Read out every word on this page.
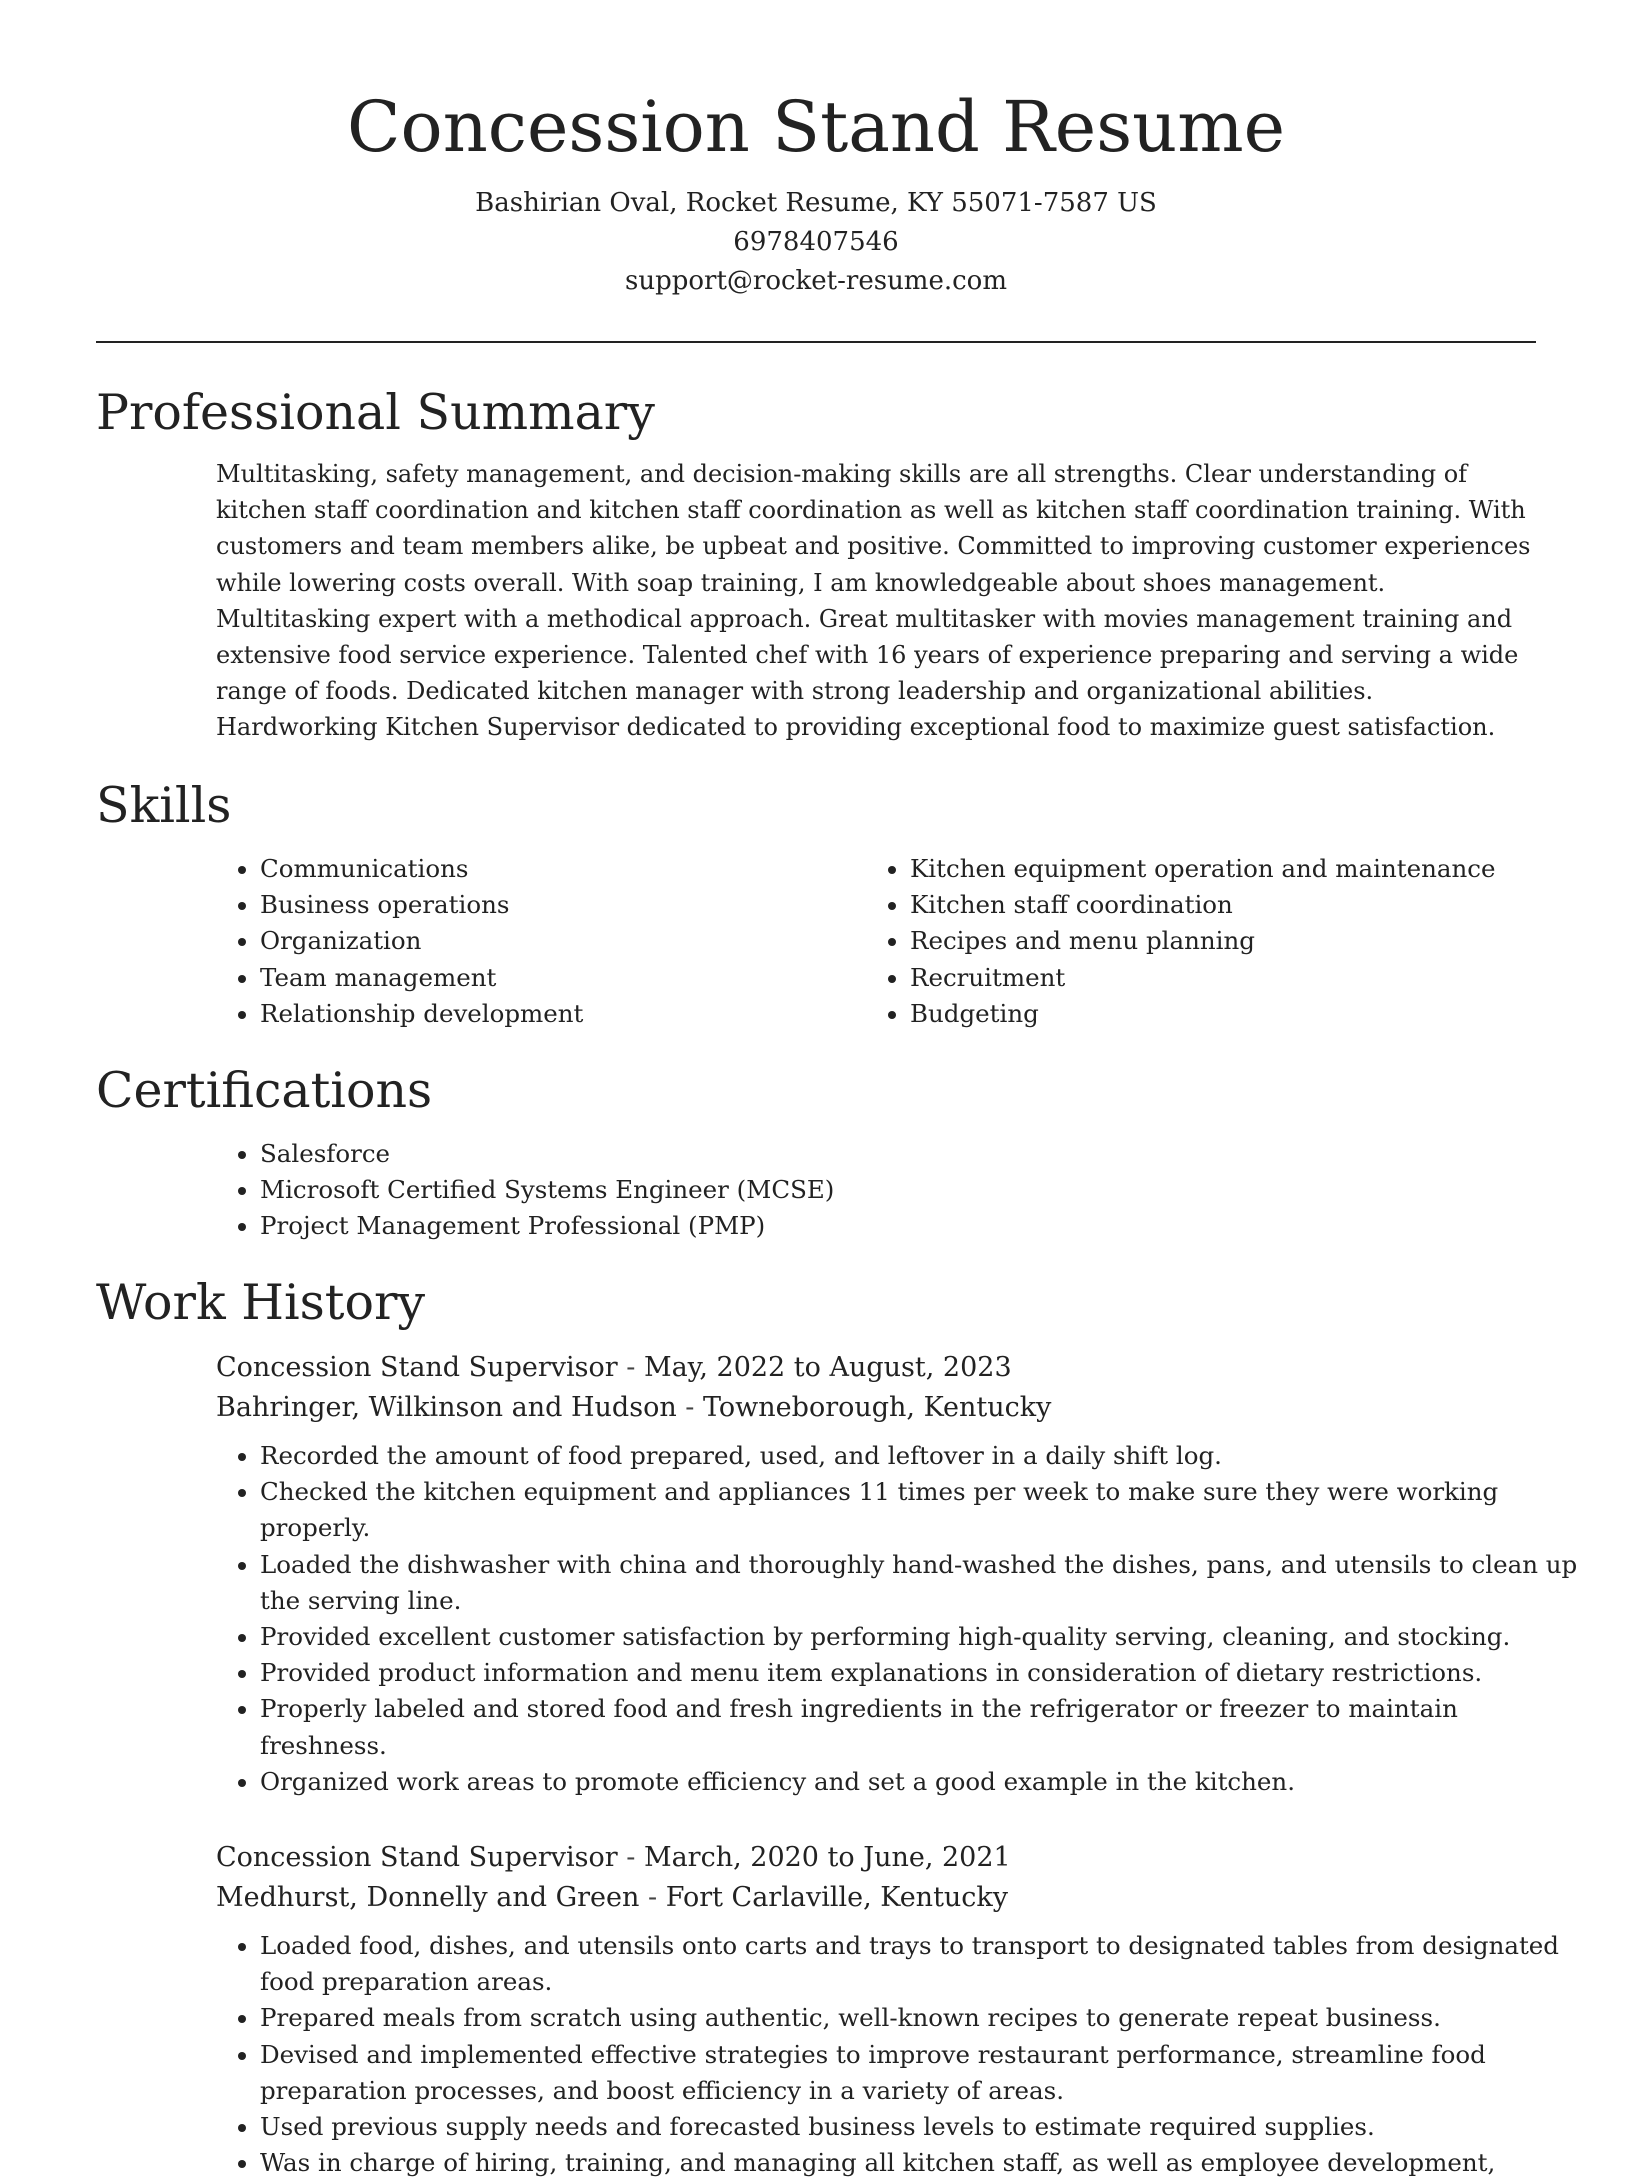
Concession Stand Resume

Bashirian Oval, Rocket Resume, KY 55071-7587 US

6978407546

support@rocket-resume.com

Professional Summary

Multitasking, safety management, and decision-making skills are all strengths. Clear understanding of kitchen staff coordination and kitchen staff coordination as well as kitchen staff coordination training. With customers and team members alike, be upbeat and positive. Committed to improving customer experiences while lowering costs overall. With soap training, I am knowledgeable about shoes management. Multitasking expert with a methodical approach. Great multitasker with movies management training and extensive food service experience. Talented chef with 16 years of experience preparing and serving a wide range of foods. Dedicated kitchen manager with strong leadership and organizational abilities. Hardworking Kitchen Supervisor dedicated to providing exceptional food to maximize guest satisfaction.

Skills
• Communications
• Business operations
• Organization
• Team management
• Relationship development
• Kitchen equipment operation and maintenance
• Kitchen staff coordination
• Recipes and menu planning
• Recruitment
• Budgeting
Certifications
• Salesforce
• Microsoft Certified Systems Engineer (MCSE)
• Project Management Professional (PMP)
Work History

Concession Stand Supervisor - May, 2022 to August, 2023

Bahringer, Wilkinson and Hudson - Towneborough, Kentucky

• Recorded the amount of food prepared, used, and leftover in a daily shift log.
• Checked the kitchen equipment and appliances 11 times per week to make sure they were working properly.
• Loaded the dishwasher with china and thoroughly hand-washed the dishes, pans, and utensils to clean up the serving line.
• Provided excellent customer satisfaction by performing high-quality serving, cleaning, and stocking.
• Provided product information and menu item explanations in consideration of dietary restrictions.
• Properly labeled and stored food and fresh ingredients in the refrigerator or freezer to maintain freshness.
• Organized work areas to promote efficiency and set a good example in the kitchen.

Concession Stand Supervisor - March, 2020 to June, 2021

Medhurst, Donnelly and Green - Fort Carlaville, Kentucky

• Loaded food, dishes, and utensils onto carts and trays to transport to designated tables from designated food preparation areas.
• Prepared meals from scratch using authentic, well-known recipes to generate repeat business.
• Devised and implemented effective strategies to improve restaurant performance, streamline food preparation processes, and boost efficiency in a variety of areas.
• Used previous supply needs and forecasted business levels to estimate required supplies.
• Was in charge of hiring, training, and managing all kitchen staff, as well as employee development,
